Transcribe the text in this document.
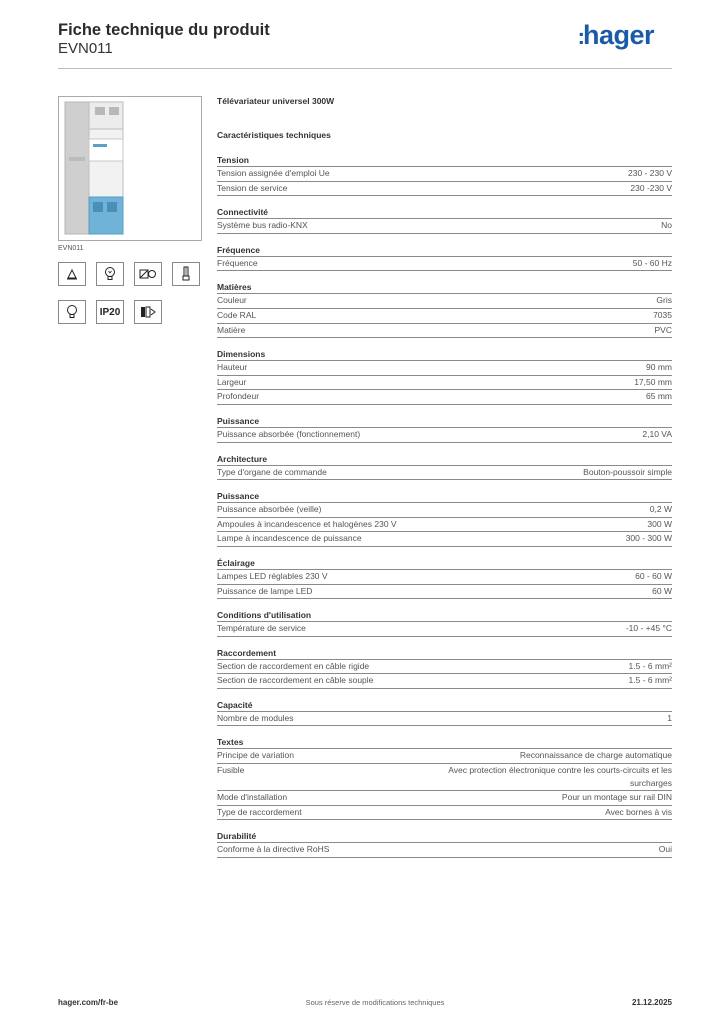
Fiche technique du produit
EVN011	:hager
EVN011
IP20
Télévariateur universel 300W
Caractéristiques techniques
Tension
Tension assignée d'emploi Ue	230 - 230 V
Tension de service	230 -230 V
Connectivité
Système bus radio-KNX	No
Fréquence
Fréquence	50 - 60 Hz
Matières
Couleur	Gris
Code RAL	7035
Matière	PVC
Dimensions
Hauteur	90 mm
Largeur	17,50 mm
Profondeur	65 mm
Puissance
Puissance absorbée (fonctionnement)	2,10 VA
Architecture
Type d'organe de commande	Bouton-poussoir simple
Puissance
Puissance absorbée (veille)	0,2 W
Ampoules à incandescence et halogènes 230 V	300 W
Lampe à incandescence de puissance	300 - 300 W
Éclairage
Lampes LED réglables 230 V	60 - 60 W
Puissance de lampe LED	60 W
Conditions d'utilisation
Température de service	-10 - +45 °C
Raccordement
Section de raccordement en câble rigide	1.5 - 6 mm²
Section de raccordement en câble souple	1.5 - 6 mm²
Capacité
Nombre de modules	1
Textes
Principe de variation	Reconnaissance de charge automatique
Fusible	Avec protection électronique contre les courts-circuits et les surcharges
Mode d'installation	Pour un montage sur rail DIN
Type de raccordement	Avec bornes à vis
Durabilité
Conforme à la directive RoHS	Oui
hager.com/fr-be	Sous réserve de modifications techniques	21.12.2025
